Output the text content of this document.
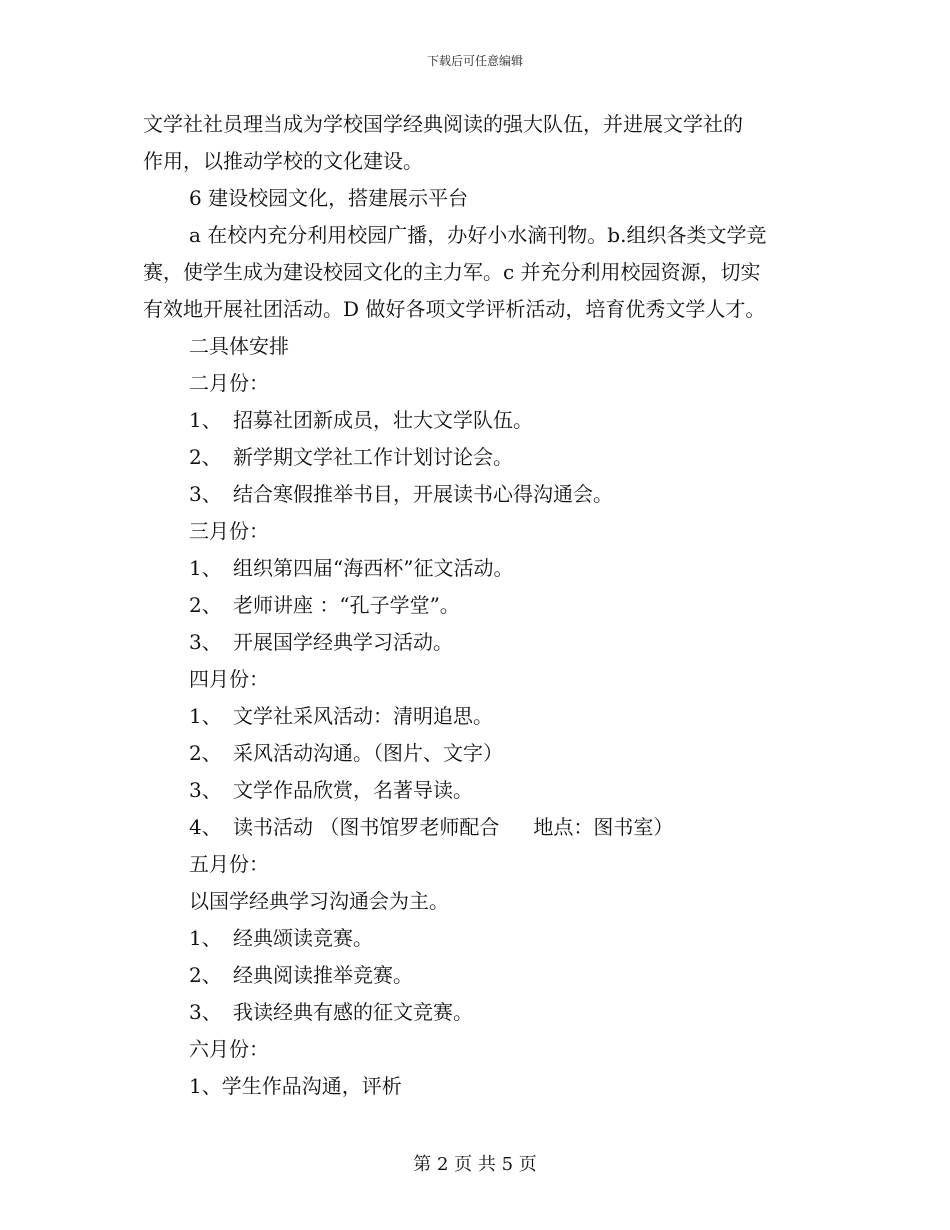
下载后可任意编辑
文学社社员理当成为学校国学经典阅读的强大队伍，并进展文学社的
作用，以推动学校的文化建设。
6 建设校园文化，搭建展示平台
a 在校内充分利用校园广播，办好小水滴刊物。b.组织各类文学竞
赛，使学生成为建设校园文化的主力军。c 并充分利用校园资源，切实
有效地开展社团活动。D 做好各项文学评析活动，培育优秀文学人才。
二具体安排
二月份：
1、 招募社团新成员，壮大文学队伍。
2、 新学期文学社工作计划讨论会。
3、 结合寒假推举书目，开展读书心得沟通会。
三月份：
1、 组织第四届“海西杯”征文活动。
2、 老师讲座 ：“孔子学堂”。
3、 开展国学经典学习活动。
四月份：
1、 文学社采风活动：清明追思。
2、 采风活动沟通。（图片、文字）
3、 文学作品欣赏，名著导读。
4、 读书活动 （图书馆罗老师配合 地点：图书室）
五月份：
以国学经典学习沟通会为主。
1、 经典颂读竞赛。
2、 经典阅读推举竞赛。
3、 我读经典有感的征文竞赛。
六月份：
1、学生作品沟通，评析
第 2 页 共 5 页
